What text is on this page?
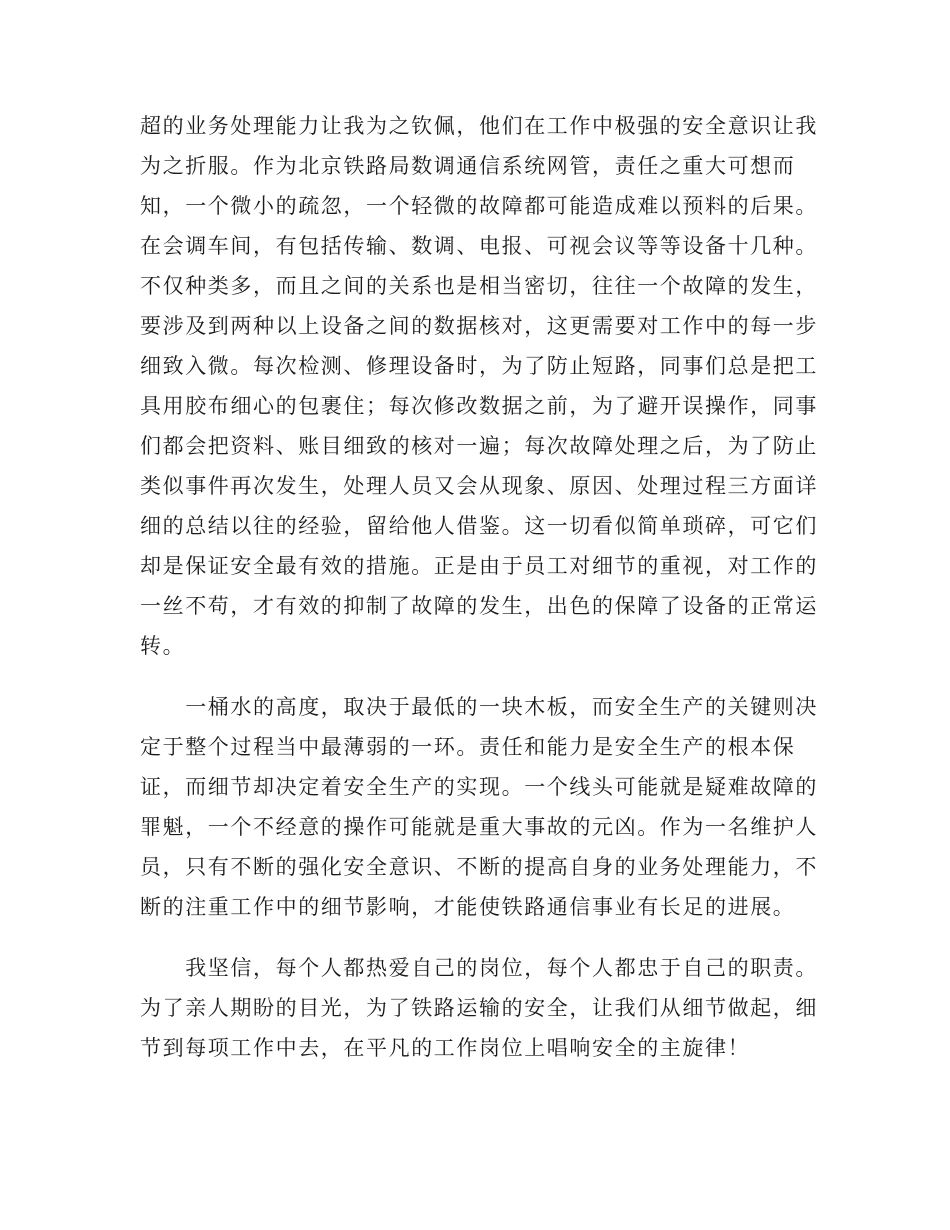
超的业务处理能力让我为之钦佩，他们在工作中极强的安全意识让我
为之折服。作为北京铁路局数调通信系统网管，责任之重大可想而
知，一个微小的疏忽，一个轻微的故障都可能造成难以预料的后果。
在会调车间，有包括传输、数调、电报、可视会议等等设备十几种。
不仅种类多，而且之间的关系也是相当密切，往往一个故障的发生，
要涉及到两种以上设备之间的数据核对，这更需要对工作中的每一步
细致入微。每次检测、修理设备时，为了防止短路，同事们总是把工
具用胶布细心的包裹住；每次修改数据之前，为了避开误操作，同事
们都会把资料、账目细致的核对一遍；每次故障处理之后，为了防止
类似事件再次发生，处理人员又会从现象、原因、处理过程三方面详
细的总结以往的经验，留给他人借鉴。这一切看似简单琐碎，可它们
却是保证安全最有效的措施。正是由于员工对细节的重视，对工作的
一丝不苟，才有效的抑制了故障的发生，出色的保障了设备的正常运
转。
　　一桶水的高度，取决于最低的一块木板，而安全生产的关键则决
定于整个过程当中最薄弱的一环。责任和能力是安全生产的根本保
证，而细节却决定着安全生产的实现。一个线头可能就是疑难故障的
罪魁，一个不经意的操作可能就是重大事故的元凶。作为一名维护人
员，只有不断的强化安全意识、不断的提高自身的业务处理能力，不
断的注重工作中的细节影响，才能使铁路通信事业有长足的进展。
　　我坚信，每个人都热爱自己的岗位，每个人都忠于自己的职责。
为了亲人期盼的目光，为了铁路运输的安全，让我们从细节做起，细
节到每项工作中去，在平凡的工作岗位上唱响安全的主旋律！
